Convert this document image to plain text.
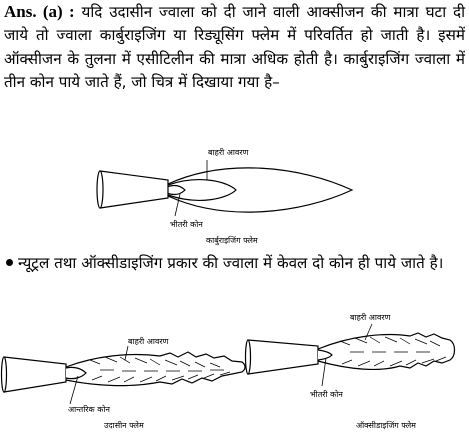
Ans. (a) : यदि उदासीन ज्वाला को दी जाने वाली आक्सीजन की मात्रा घटा दी जाये तो ज्वाला कार्बुराइजिंग या रिड्यूसिंग फ्लेम में परिवर्तित हो जाती है। इसमें ऑक्सीजन के तुलना में एसीटिलीन की मात्रा अधिक होती है। कार्बुराइजिंग ज्वाला में तीन कोन पाये जाते हैं, जो चित्र में दिखाया गया है–
न्यूट्रल तथा ऑक्सीडाइजिंग प्रकार की ज्वाला में केवल दो कोन ही पाये जाते है।
बाहरी आवरण
भीतरी कोन
कार्बुराइजिंग फ्लेम
बाहरी आवरण
आन्तरिक कोन
उदासीन फ्लेम
बाहरी आवरण
भीतरी कोन
ऑक्सीडाइजिंग फ्लेम
